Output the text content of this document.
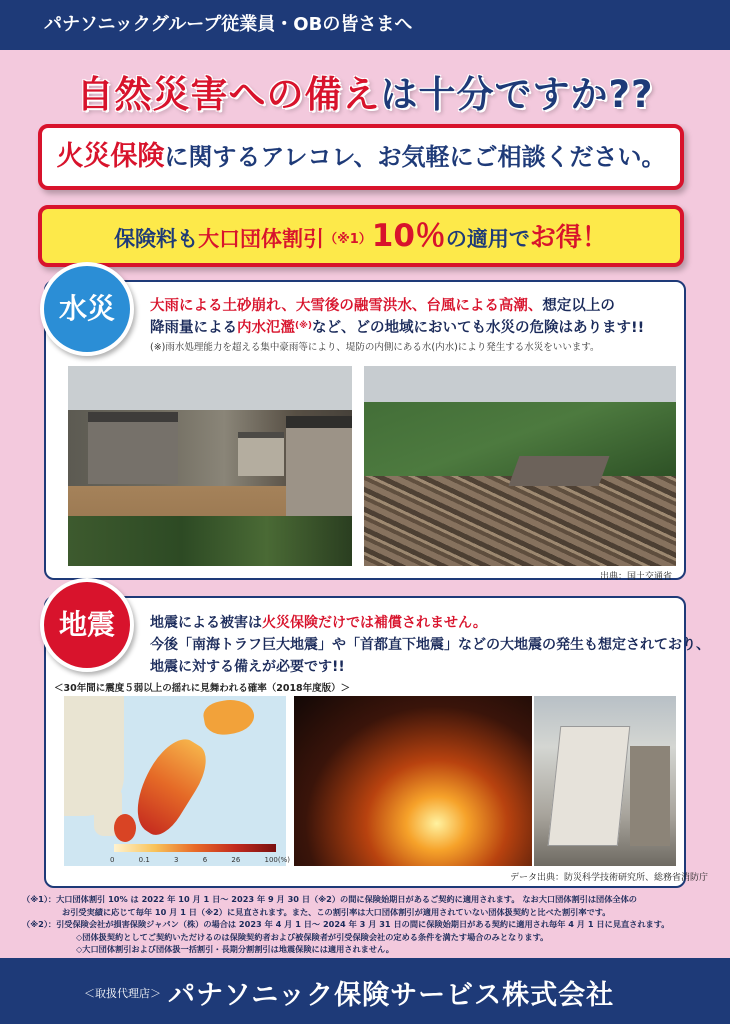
パナソニックグループ従業員・OBの皆さまへ
自然災害への備えは十分ですか??
火災保険に関するアレコレ、お気軽にご相談ください。
保険料も大口団体割引（※1）10％の適用でお得！
大雨による土砂崩れ、大雪後の融雪洪水、台風による高潮、想定以上の
降雨量による内水氾濫(※)など、どの地域においても水災の危険はあります!!
(※)雨水処理能力を超える集中豪雨等により、堤防の内側にある水(内水)により発生する水災をいいます。
出典：国土交通省
水災
地震による被害は火災保険だけでは補償されません。
今後「南海トラフ巨大地震」や「首都直下地震」などの大地震の発生も想定されており、
地震に対する備えが必要です!!
＜30年間に震度５弱以上の揺れに見舞われる確率（2018年度版）＞
0	0.1	3	6	26	100(%)
データ出典：防災科学技術研究所、総務省消防庁
地震
（※1）：大口団体割引 10% は 2022 年 10 月 1 日～ 2023 年 9 月 30 日（※2）の間に保険始期日があるご契約に適用されます。 なお大口団体割引は団体全体の
お引受実績に応じて毎年 10 月 1 日（※2）に見直されます。また、この割引率は大口団体割引が適用されていない団体扱契約と比べた割引率です。
（※2）：引受保険会社が損害保険ジャパン（株）の場合は 2023 年 4 月 1 日～ 2024 年 3 月 31 日の間に保険始期日がある契約に適用され毎年 4 月 1 日に見直されます。
◇団体扱契約としてご契約いただけるのは保険契約者および被保険者が引受保険会社の定める条件を満たす場合のみとなります。
◇大口団体割引および団体扱一括割引・長期分割割引は地震保険には適用されません。
＜取扱代理店＞ パナソニック保険サービス株式会社
